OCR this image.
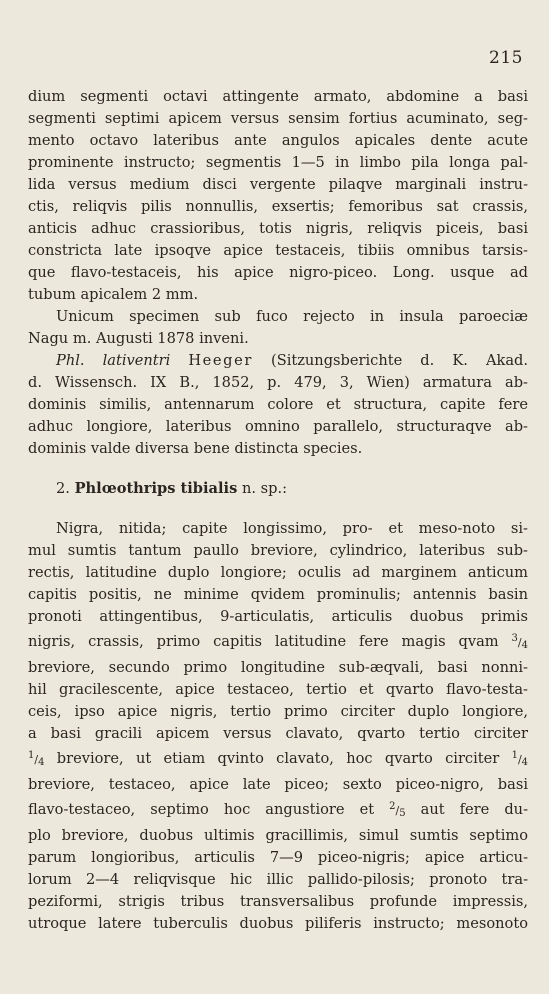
215
dium segmenti octavi attingente armato, abdomine a basi
segmenti septimi apicem versus sensim fortius acuminato, seg-
mento octavo lateribus ante angulos apicales dente acute
prominente instructo; segmentis 1—5 in limbo pila longa pal-
lida versus medium disci vergente pilaqve marginali instru-
ctis, reliqvis pilis nonnullis, exsertis; femoribus sat crassis,
anticis adhuc crassioribus, totis nigris, reliqvis piceis, basi
constricta late ipsoqve apice testaceis, tibiis omnibus tarsis-
que flavo-testaceis, his apice nigro-piceo. Long. usque ad
tubum apicalem 2 mm.
Unicum specimen sub fuco rejecto in insula paroeciæ
Nagu m. Augusti 1878 inveni.
Phl. lativentri Heeger (Sitzungsberichte d. K. Akad.
d. Wissensch. IX B., 1852, p. 479, 3, Wien) armatura ab-
dominis similis, antennarum colore et structura, capite fere
adhuc longiore, lateribus omnino parallelo, structuraqve ab-
dominis valde diversa bene distincta species.
2. Phlœothrips tibialis n. sp.:
Nigra, nitida; capite longissimo, pro- et meso-noto si-
mul sumtis tantum paullo breviore, cylindrico, lateribus sub-
rectis, latitudine duplo longiore; oculis ad marginem anticum
capitis positis, ne minime qvidem prominulis; antennis basin
pronoti attingentibus, 9-articulatis, articulis duobus primis
nigris, crassis, primo capitis latitudine fere magis qvam $^3/_4$
breviore, secundo primo longitudine sub-æqvali, basi nonni-
hil gracilescente, apice testaceo, tertio et qvarto flavo-testa-
ceis, ipso apice nigris, tertio primo circiter duplo longiore,
a basi gracili apicem versus clavato, qvarto tertio circiter
$^1/_4$ breviore, ut etiam qvinto clavato, hoc qvarto circiter $^1/_4$
breviore, testaceo, apice late piceo; sexto piceo-nigro, basi
flavo-testaceo, septimo hoc angustiore et $^2/_5$ aut fere du-
plo breviore, duobus ultimis gracillimis, simul sumtis septimo
parum longioribus, articulis 7—9 piceo-nigris; apice articu-
lorum 2—4 reliqvisque hic illic pallido-pilosis; pronoto tra-
peziformi, strigis tribus transversalibus profunde impressis,
utroque latere tuberculis duobus piliferis instructo; mesonoto
